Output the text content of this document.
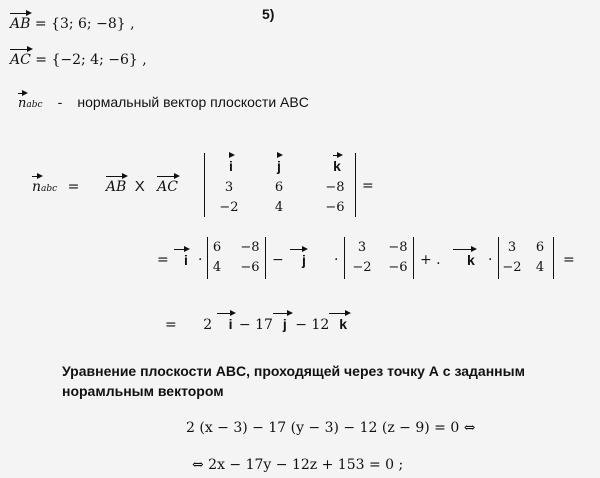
5)
AB = {3; 6; −8} ,
AC = {−2; 4; −6} ,
nabc - нормальный вектор плоскости ABC
nabc = AB X AC
i	j	k
3	6	−8
−2	4	−6
=
=	i ·
6 −8
4 −6 −	j ·
3	−8
−2 −6 + .	k ·
3	6
−2	4	=
= 2 i − 17 j − 12 k
Уравнение плоскости ABC, проходящей через точку А с заданным
норамльным вектором
2 (x − 3) − 17 (y − 3) − 12 (z − 9) = 0 ⇔
⇔ 2x − 17y − 12z + 153 = 0 ;
